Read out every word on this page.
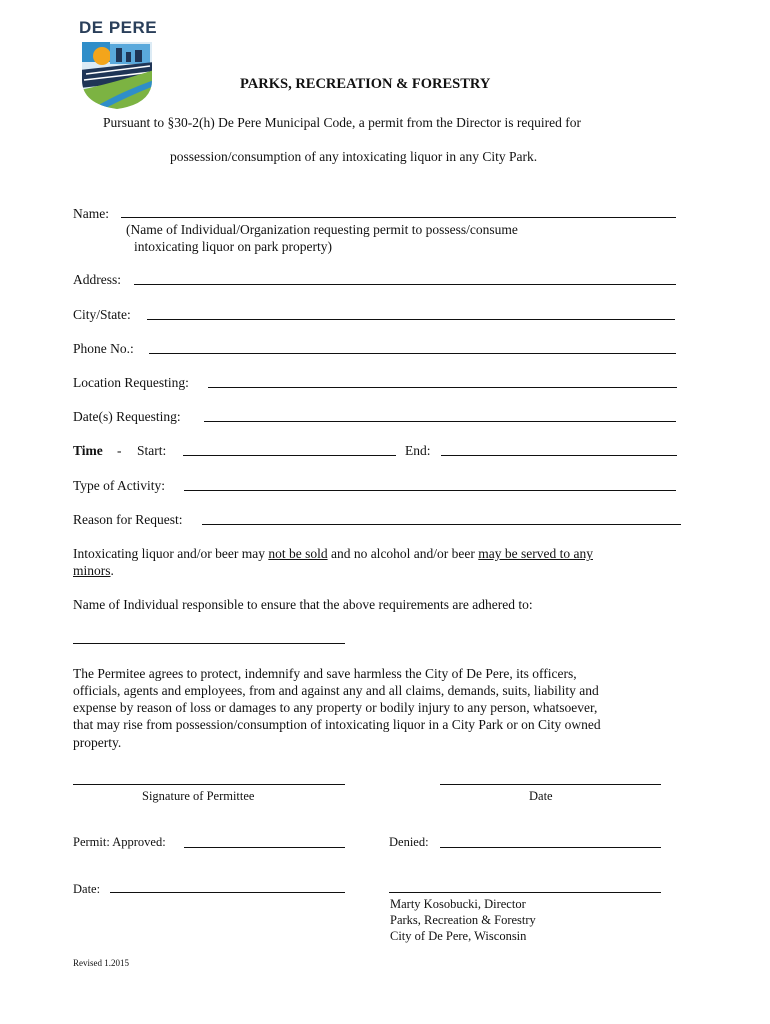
DE PERE
PARKS, RECREATION & FORESTRY
Pursuant to §30-2(h) De Pere Municipal Code, a permit from the Director is required for
possession/consumption of any intoxicating liquor in any City Park.
Name:
(Name of Individual/Organization requesting permit to possess/consume
intoxicating liquor on park property)
Address:
City/State:
Phone No.:
Location Requesting:
Date(s) Requesting:
Time - Start:	End:
Type of Activity:
Reason for Request:
Intoxicating liquor and/or beer may not be sold and no alcohol and/or beer may be served to any
minors.
Name of Individual responsible to ensure that the above requirements are adhered to:
The Permitee agrees to protect, indemnify and save harmless the City of De Pere, its officers,
officials, agents and employees, from and against any and all claims, demands, suits, liability and
expense by reason of loss or damages to any property or bodily injury to any person, whatsoever,
that may rise from possession/consumption of intoxicating liquor in a City Park or on City owned
property.
Signature of Permittee	Date
Permit: Approved:	Denied:
Date:
Marty Kosobucki, Director
Parks, Recreation & Forestry
City of De Pere, Wisconsin
Revised 1.2015
